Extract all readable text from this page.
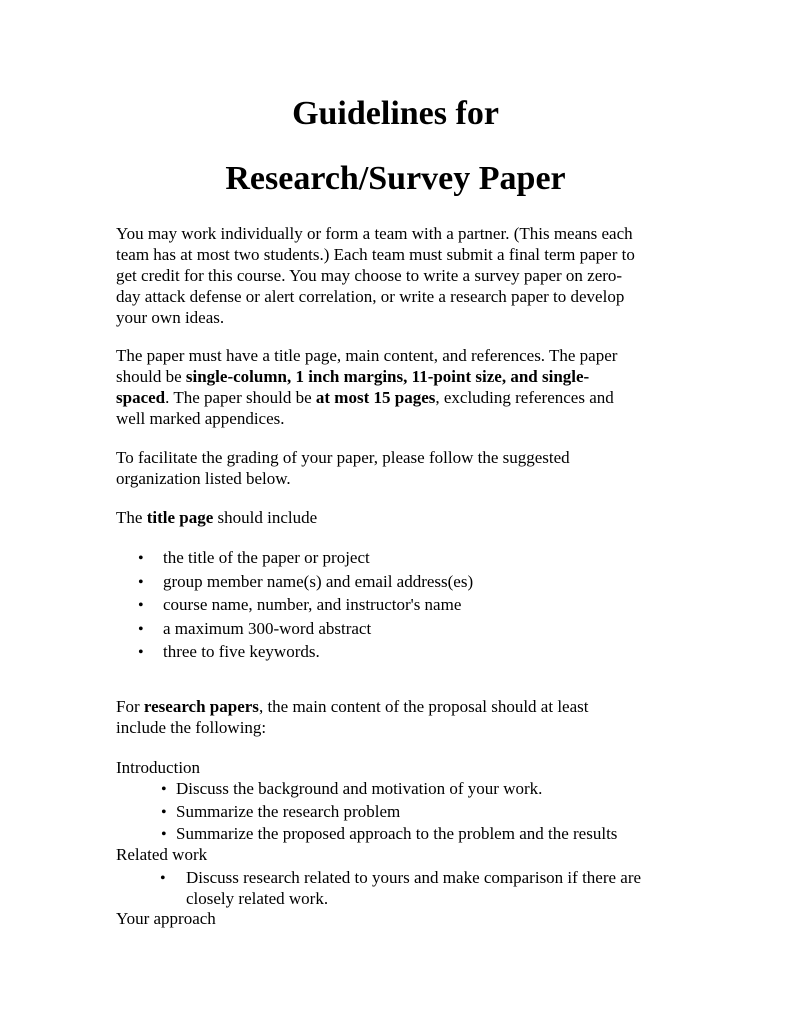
Guidelines for
Research/Survey Paper

You may work individually or form a team with a partner. (This means each
team has at most two students.) Each team must submit a final term paper to
get credit for this course. You may choose to write a survey paper on zero-
day attack defense or alert correlation, or write a research paper to develop
your own ideas.

The paper must have a title page, main content, and references. The paper
should be single-column, 1 inch margins, 11-point size, and single-
spaced. The paper should be at most 15 pages, excluding references and
well marked appendices.

To facilitate the grading of your paper, please follow the suggested
organization listed below.

The title page should include

• the title of the paper or project
• group member name(s) and email address(es)
• course name, number, and instructor's name
• a maximum 300-word abstract
• three to five keywords.

For research papers, the main content of the proposal should at least
include the following:

Introduction
• Discuss the background and motivation of your work.
• Summarize the research problem
• Summarize the proposed approach to the problem and the results
Related work
• Discuss research related to yours and make comparison if there are
closely related work.
Your approach
